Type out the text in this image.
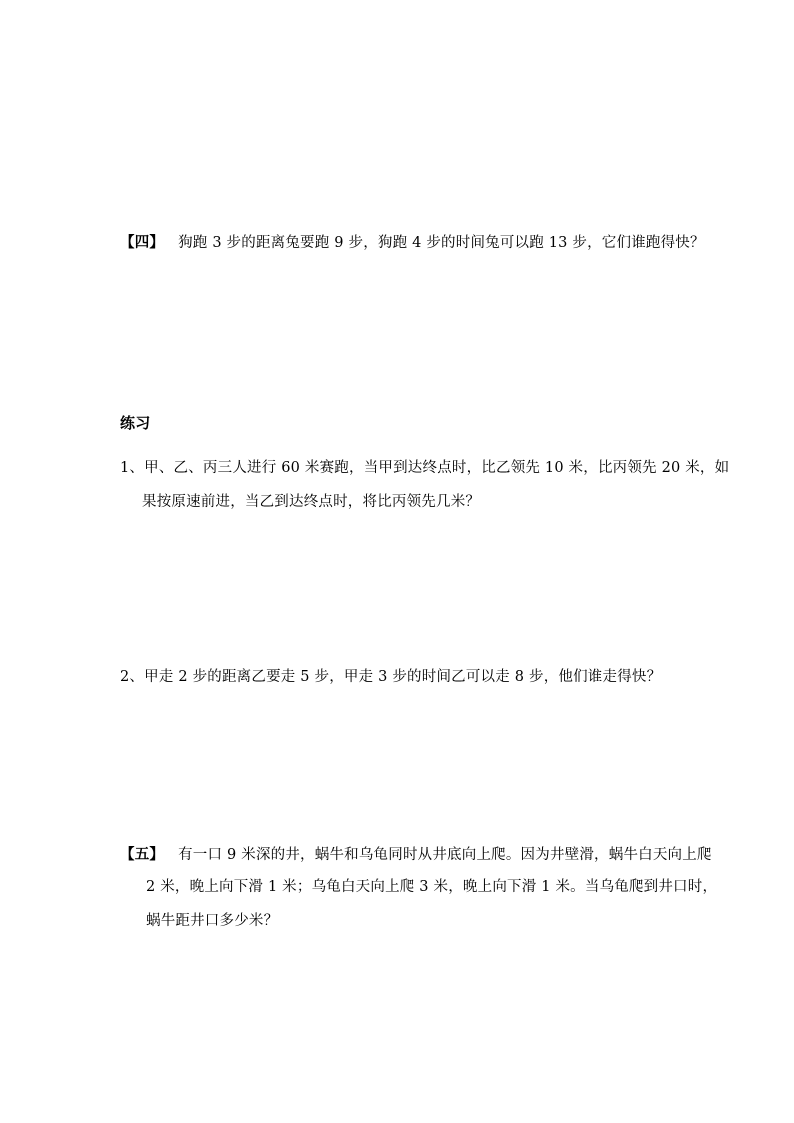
【四】 狗跑 3 步的距离兔要跑 9 步，狗跑 4 步的时间兔可以跑 13 步，它们谁跑得快？
练习
1、甲、乙、丙三人进行 60 米赛跑，当甲到达终点时，比乙领先 10 米，比丙领先 20 米，如
果按原速前进，当乙到达终点时，将比丙领先几米？
2、甲走 2 步的距离乙要走 5 步，甲走 3 步的时间乙可以走 8 步，他们谁走得快？
【五】 有一口 9 米深的井，蜗牛和乌龟同时从井底向上爬。因为井壁滑，蜗牛白天向上爬
2 米，晚上向下滑 1 米；乌龟白天向上爬 3 米，晚上向下滑 1 米。当乌龟爬到井口时，
蜗牛距井口多少米？
